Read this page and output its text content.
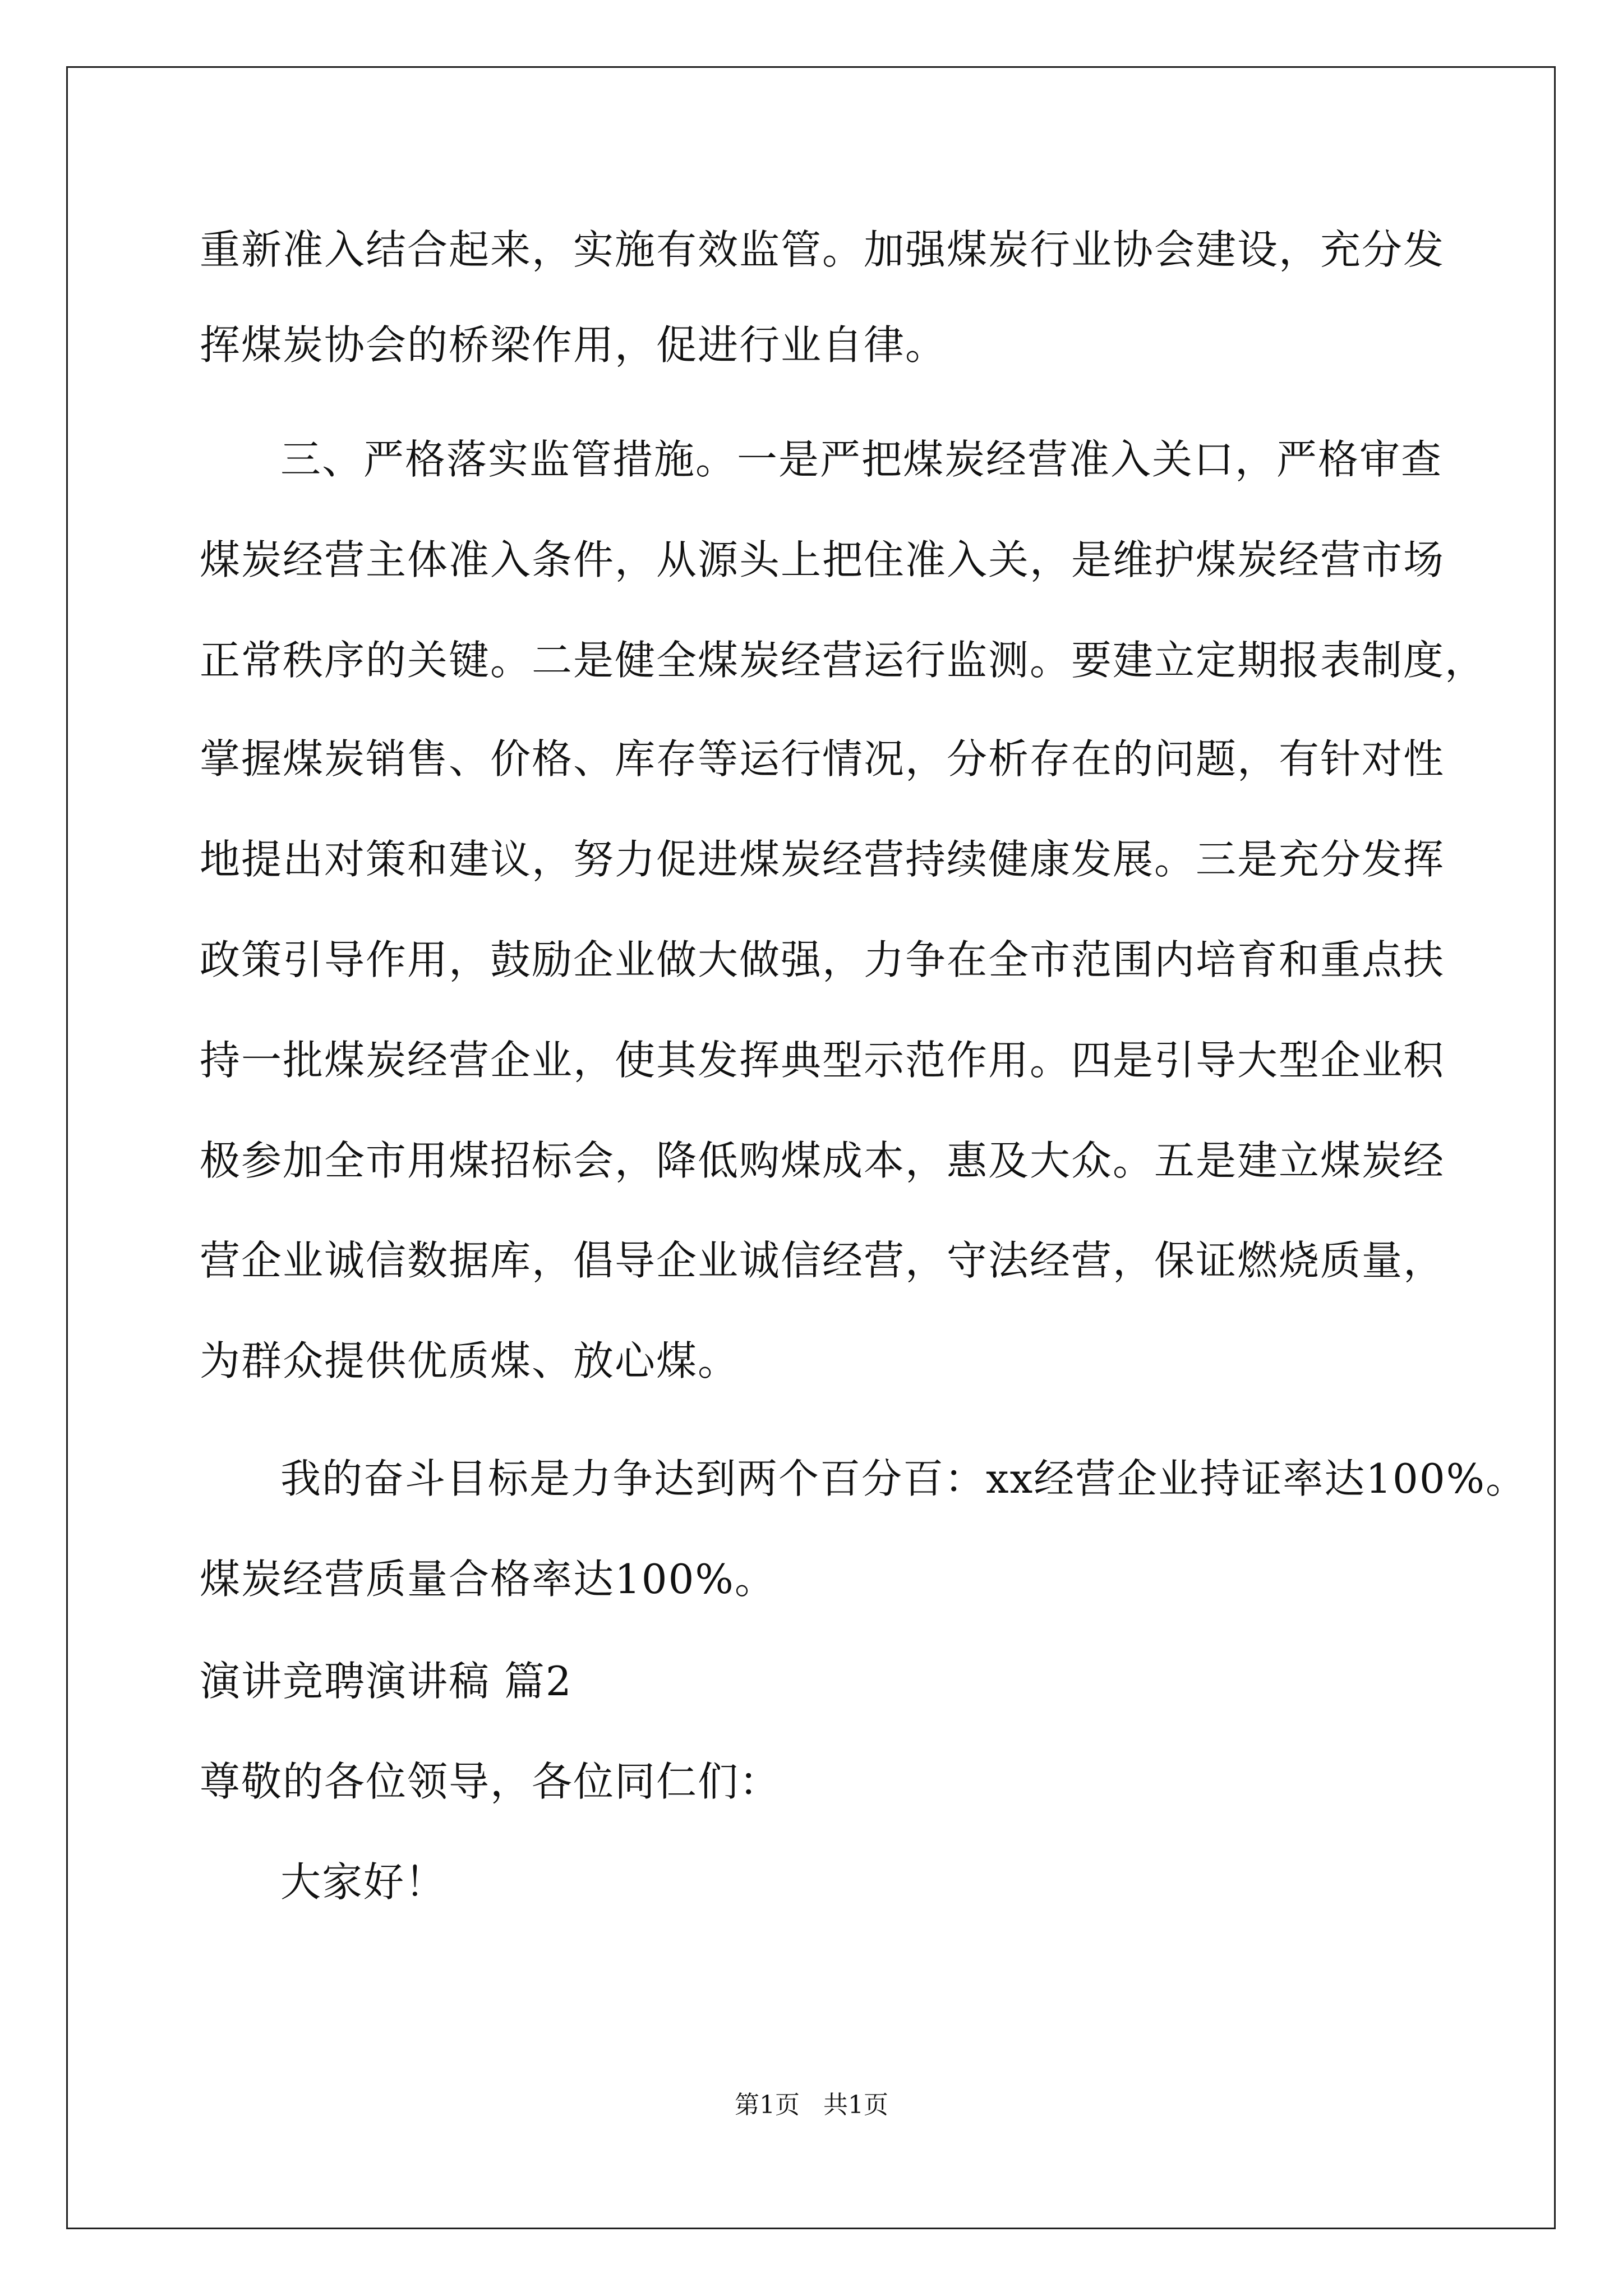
重新准入结合起来，实施有效监管。加强煤炭行业协会建设，充分发
挥煤炭协会的桥梁作用，促进行业自律。
三、严格落实监管措施。一是严把煤炭经营准入关口，严格审查
煤炭经营主体准入条件，从源头上把住准入关，是维护煤炭经营市场
正常秩序的关键。二是健全煤炭经营运行监测。要建立定期报表制度，
掌握煤炭销售、价格、库存等运行情况，分析存在的问题，有针对性
地提出对策和建议，努力促进煤炭经营持续健康发展。三是充分发挥
政策引导作用，鼓励企业做大做强，力争在全市范围内培育和重点扶
持一批煤炭经营企业，使其发挥典型示范作用。四是引导大型企业积
极参加全市用煤招标会，降低购煤成本，惠及大众。五是建立煤炭经
营企业诚信数据库，倡导企业诚信经营，守法经营，保证燃烧质量，
为群众提供优质煤、放心煤。
我的奋斗目标是力争达到两个百分百：xx经营企业持证率达100%。
煤炭经营质量合格率达100%。
演讲竞聘演讲稿 篇2
尊敬的各位领导，各位同仁们：
大家好！
第1页   共1页
